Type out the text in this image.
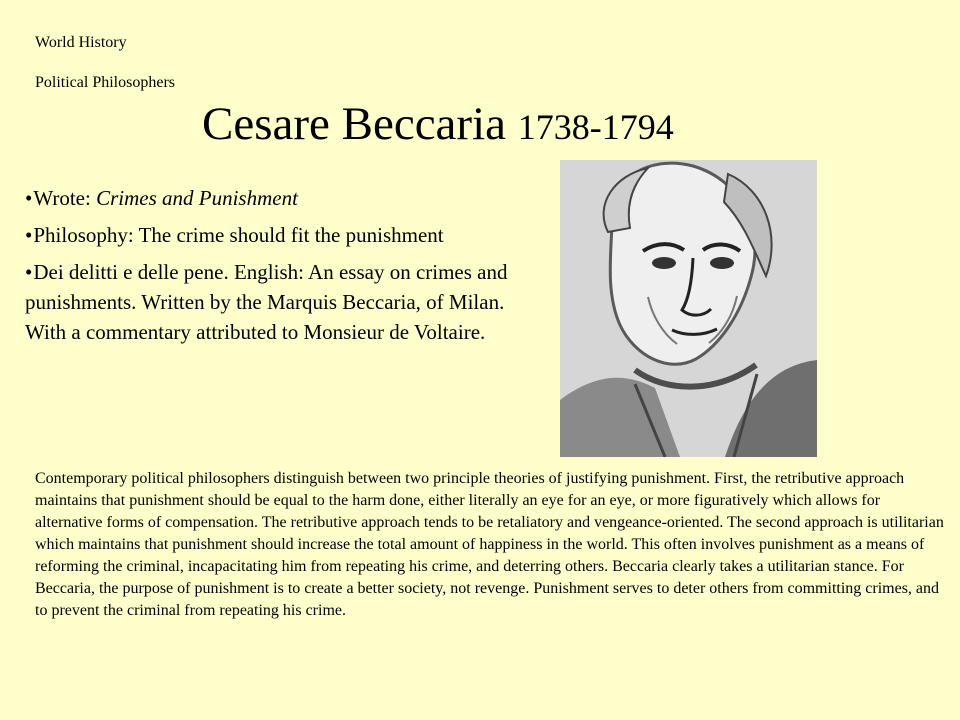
World History
Political Philosophers
Cesare Beccaria 1738-1794
•Wrote: Crimes and Punishment
•Philosophy: The crime should fit the punishment
•Dei delitti e delle pene. English: An essay on crimes and punishments. Written by the Marquis Beccaria, of Milan. With a commentary attributed to Monsieur de Voltaire.

Contemporary political philosophers distinguish between two principle theories of justifying punishment. First, the retributive approach maintains that punishment should be equal to the harm done, either literally an eye for an eye, or more figuratively which allows for alternative forms of compensation. The retributive approach tends to be retaliatory and vengeance-oriented. The second approach is utilitarian which maintains that punishment should increase the total amount of happiness in the world. This often involves punishment as a means of reforming the criminal, incapacitating him from repeating his crime, and deterring others. Beccaria clearly takes a utilitarian stance. For Beccaria, the purpose of punishment is to create a better society, not revenge. Punishment serves to deter others from committing crimes, and to prevent the criminal from repeating his crime.
